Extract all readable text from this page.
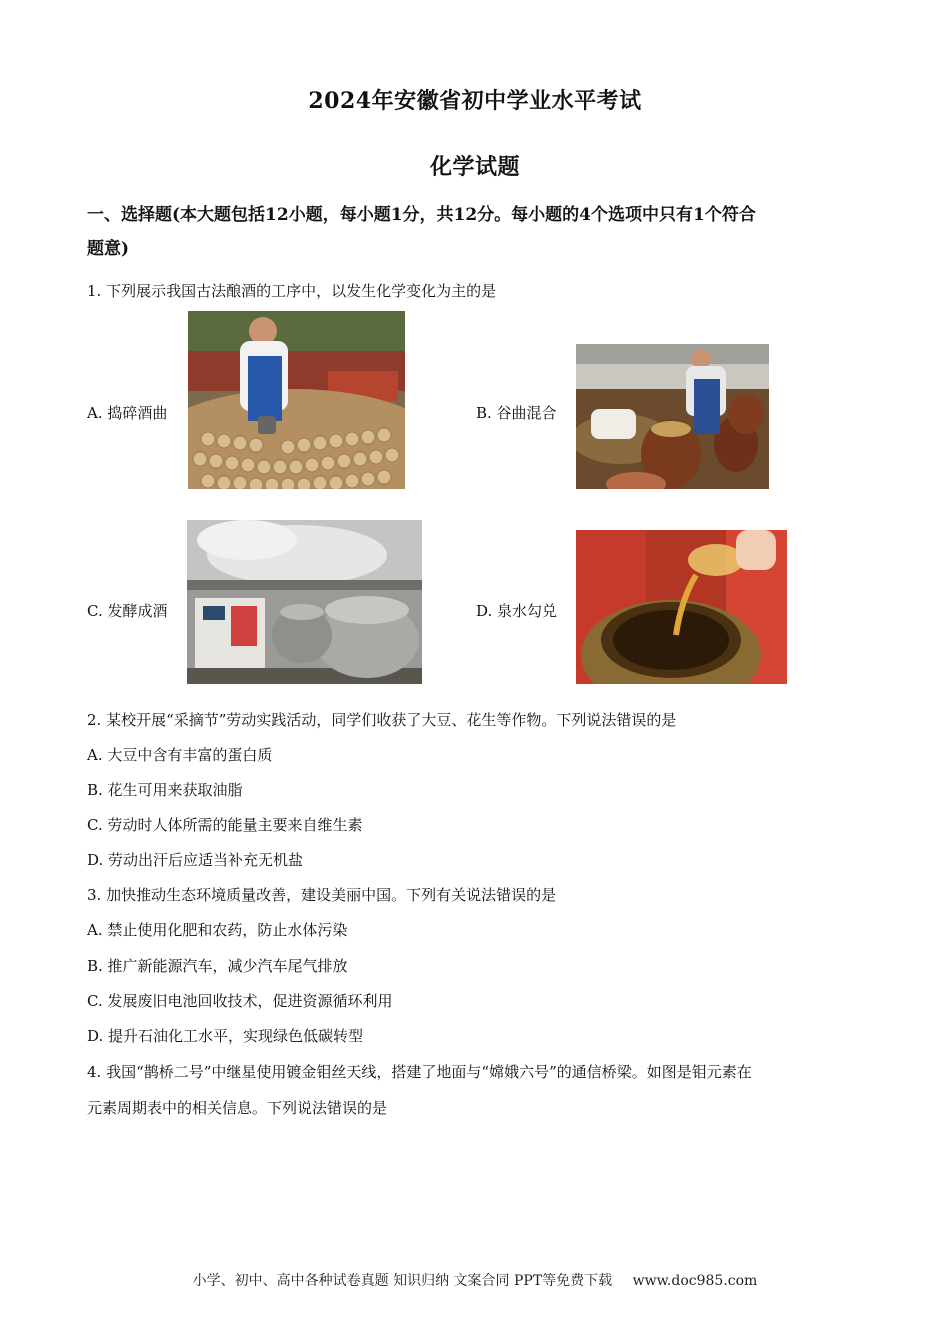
2024年安徽省初中学业水平考试
化学试题
一、选择题(本大题包括12小题，每小题1分，共12分。每小题的4个选项中只有1个符合
题意)
1. 下列展示我国古法酿酒的工序中，以发生化学变化为主的是
A. 捣碎酒曲	B. 谷曲混合
C. 发酵成酒	D. 泉水勾兑
2. 某校开展“采摘节”劳动实践活动，同学们收获了大豆、花生等作物。下列说法错误的是
A. 大豆中含有丰富的蛋白质
B. 花生可用来获取油脂
C. 劳动时人体所需的能量主要来自维生素
D. 劳动出汗后应适当补充无机盐
3. 加快推动生态环境质量改善，建设美丽中国。下列有关说法错误的是
A. 禁止使用化肥和农药，防止水体污染
B. 推广新能源汽车，减少汽车尾气排放
C. 发展废旧电池回收技术，促进资源循环利用
D. 提升石油化工水平，实现绿色低碳转型
4. 我国“鹊桥二号”中继星使用镀金钼丝天线，搭建了地面与“嫦娥六号”的通信桥梁。如图是钼元素在
元素周期表中的相关信息。下列说法错误的是
小学、初中、高中各种试卷真题 知识归纳 文案合同 PPT等免费下载 www.doc985.com
